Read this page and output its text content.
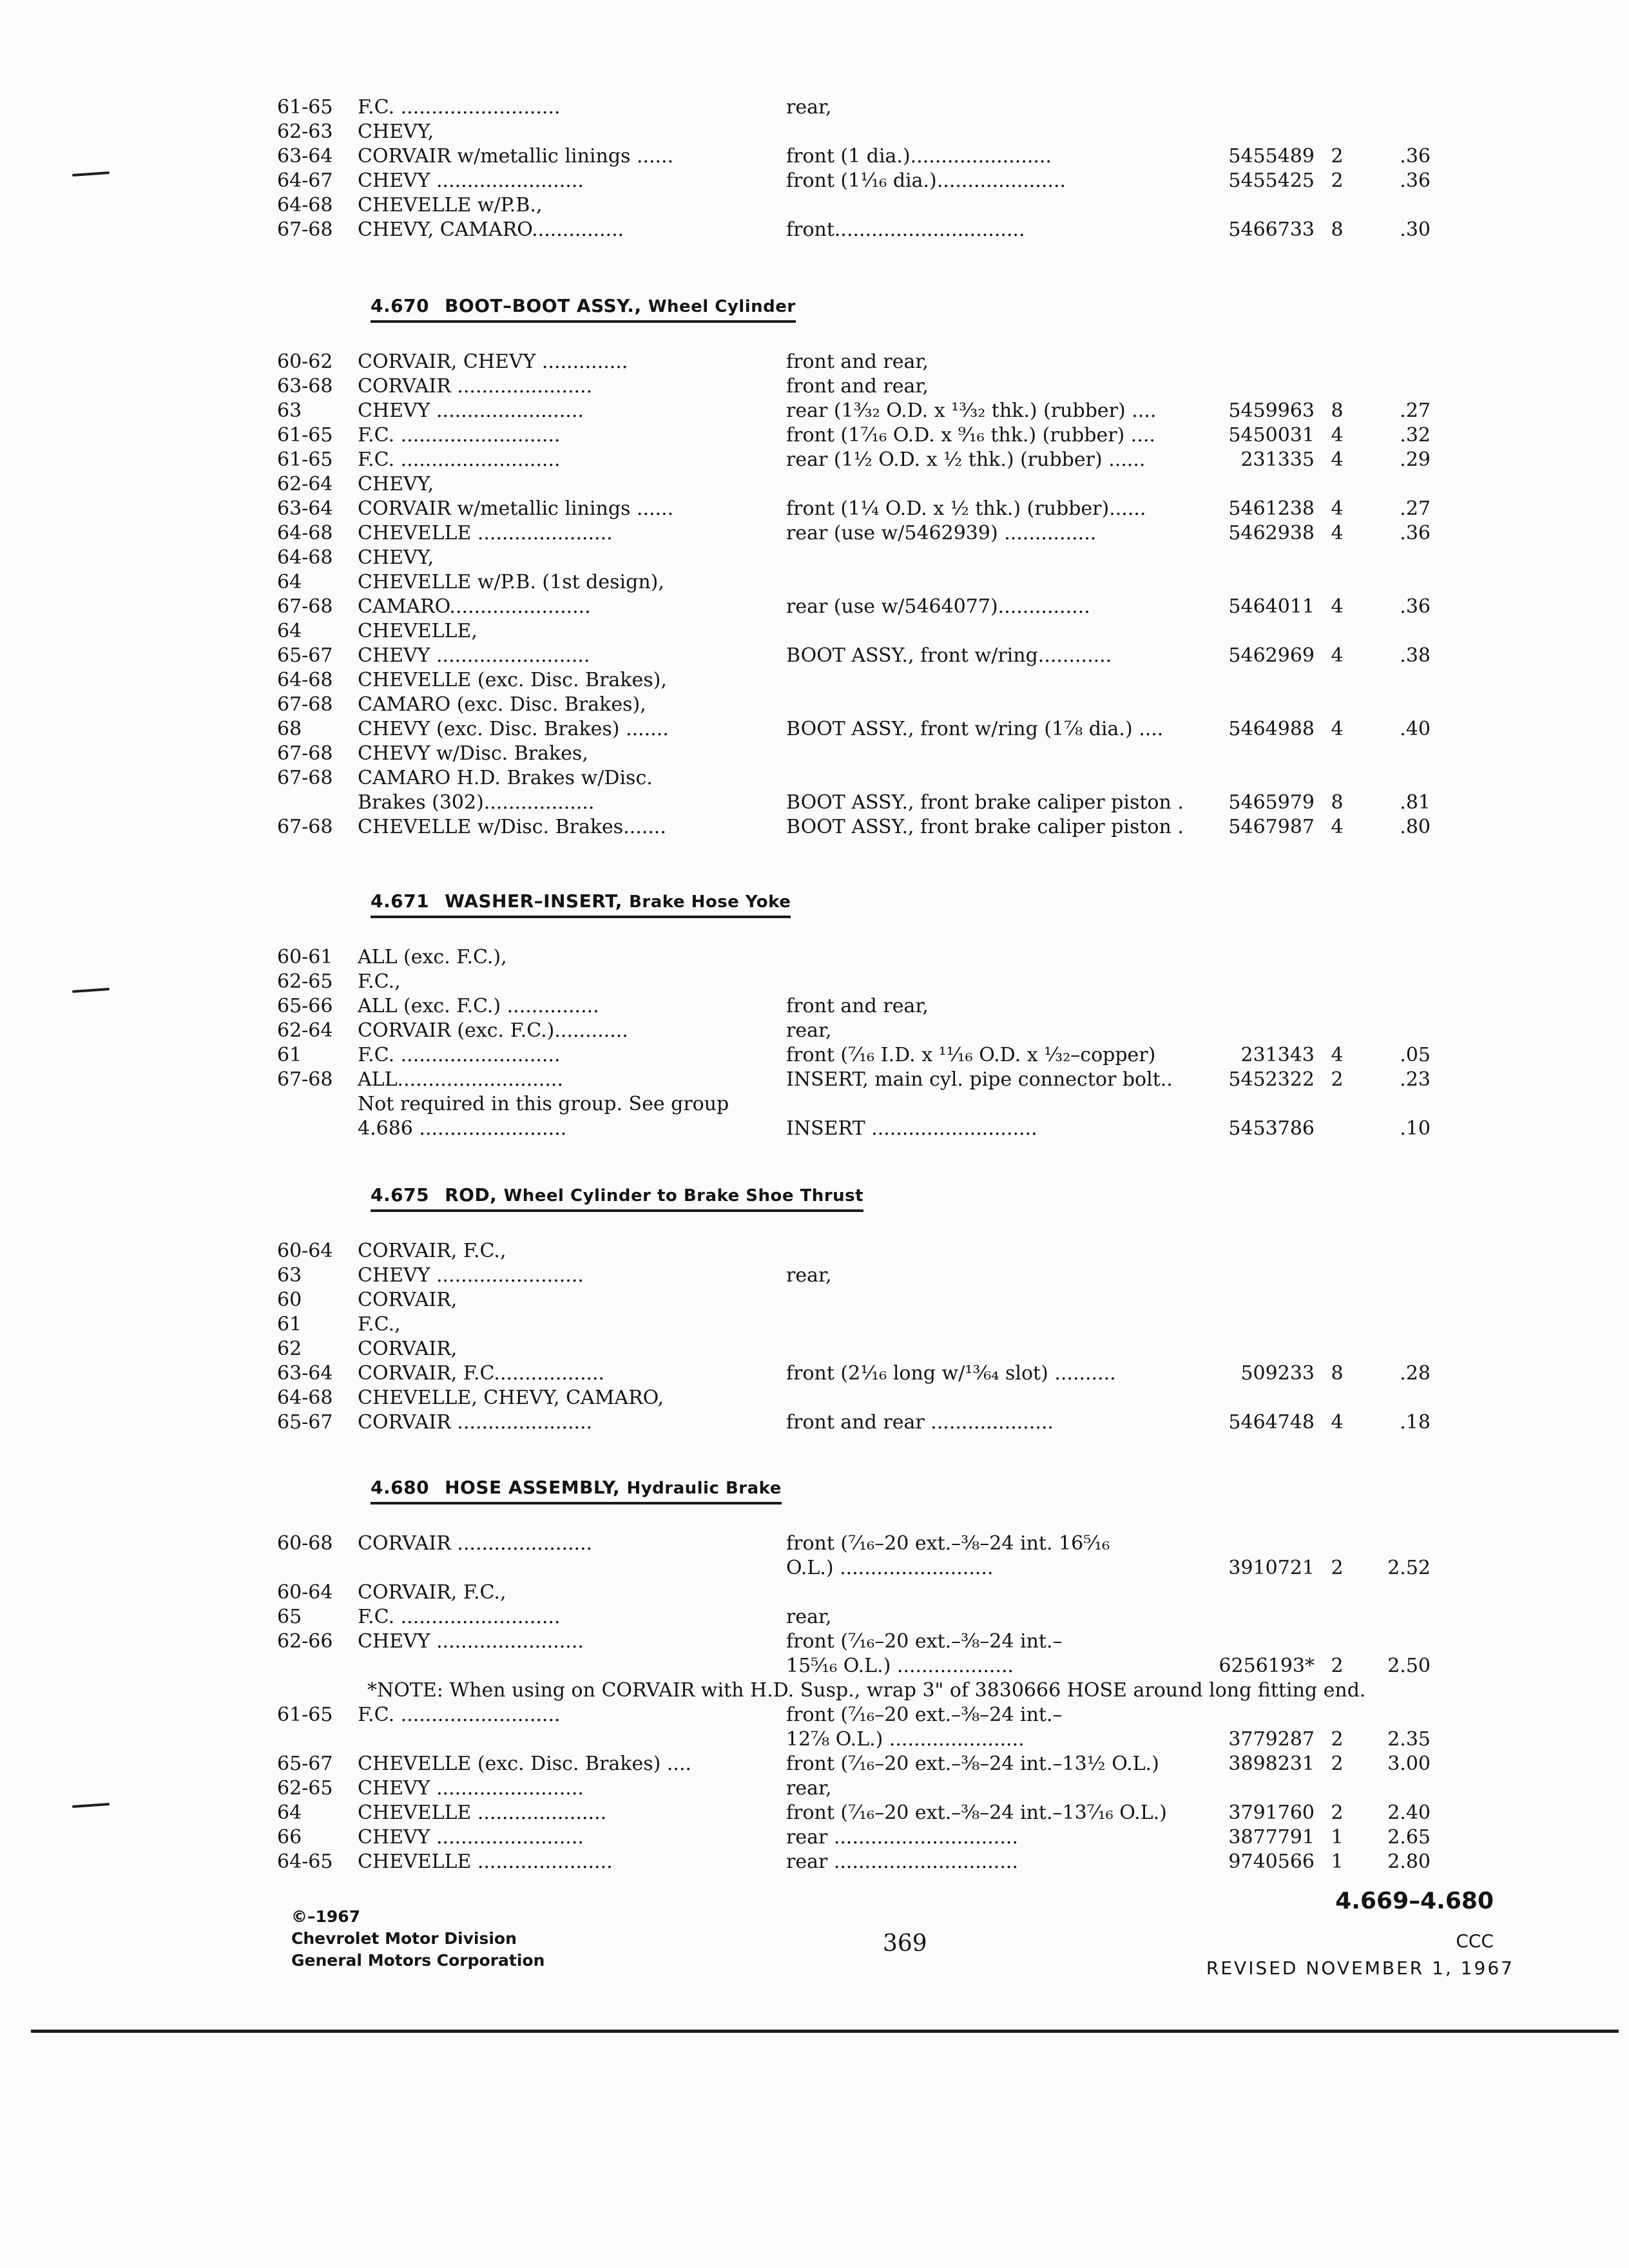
61-65 F.C. ..........................	rear,
62-63 CHEVY,
63-64 CORVAIR w/metallic linings ......	front (1 dia.).......................	5455489 2	.36
64-67 CHEVY ........................	front (1¹⁄₁₆ dia.).....................	5455425 2	.36
64-68 CHEVELLE w/P.B.,
67-68 CHEVY, CAMARO...............	front...............................	5466733 8	.30
4.670 BOOT–BOOT ASSY., Wheel Cylinder
60-62 CORVAIR, CHEVY ..............	front and rear,
63-68 CORVAIR ......................	front and rear,
63	CHEVY ........................	rear (1³⁄₃₂ O.D. x ¹³⁄₃₂ thk.) (rubber) ....	5459963 8	.27
61-65 F.C. ..........................	front (1⁷⁄₁₆ O.D. x ⁹⁄₁₆ thk.) (rubber) ....	5450031 4	.32
61-65 F.C. ..........................	rear (1½ O.D. x ½ thk.) (rubber) ......	231335 4	.29
62-64 CHEVY,
63-64 CORVAIR w/metallic linings ......	front (1¼ O.D. x ½ thk.) (rubber)......	5461238 4	.27
64-68 CHEVELLE ......................	rear (use w/5462939) ...............	5462938 4	.36
64-68 CHEVY,
64	CHEVELLE w/P.B. (1st design),
67-68 CAMARO.......................	rear (use w/5464077)...............	5464011 4	.36
64	CHEVELLE,
65-67 CHEVY .........................	BOOT ASSY., front w/ring............	5462969 4	.38
64-68 CHEVELLE (exc. Disc. Brakes),
67-68 CAMARO (exc. Disc. Brakes),
68	CHEVY (exc. Disc. Brakes) .......	BOOT ASSY., front w/ring (1⅞ dia.) ....	5464988 4	.40
67-68 CHEVY w/Disc. Brakes,
67-68 CAMARO H.D. Brakes w/Disc.
Brakes (302)..................	BOOT ASSY., front brake caliper piston .	5465979 8	.81
67-68 CHEVELLE w/Disc. Brakes.......	BOOT ASSY., front brake caliper piston .	5467987 4	.80
4.671 WASHER–INSERT, Brake Hose Yoke
60-61 ALL (exc. F.C.),
62-65 F.C.,
65-66 ALL (exc. F.C.) ...............	front and rear,
62-64 CORVAIR (exc. F.C.)............	rear,
61	F.C. ..........................	front (⁷⁄₁₆ I.D. x ¹¹⁄₁₆ O.D. x ¹⁄₃₂–copper)	231343 4	.05
67-68 ALL...........................	INSERT, main cyl. pipe connector bolt..	5452322 2	.23
Not required in this group. See group
4.686 ........................	INSERT ...........................	5453786	.10
4.675 ROD, Wheel Cylinder to Brake Shoe Thrust
60-64 CORVAIR, F.C.,
63	CHEVY ........................	rear,
60	CORVAIR,
61	F.C.,
62	CORVAIR,
63-64 CORVAIR, F.C..................	front (2¹⁄₁₆ long w/¹³⁄₆₄ slot) ..........	509233 8	.28
64-68 CHEVELLE, CHEVY, CAMARO,
65-67 CORVAIR ......................	front and rear ....................	5464748 4	.18
4.680 HOSE ASSEMBLY, Hydraulic Brake
60-68 CORVAIR ......................	front (⁷⁄₁₆–20 ext.–⅜–24 int. 16⁵⁄₁₆
O.L.) .........................	3910721 2	2.52
60-64 CORVAIR, F.C.,
65	F.C. ..........................	rear,
62-66 CHEVY ........................	front (⁷⁄₁₆–20 ext.–⅜–24 int.–
15⁵⁄₁₆ O.L.) ...................	6256193* 2	2.50
*NOTE: When using on CORVAIR with H.D. Susp., wrap 3" of 3830666 HOSE around long fitting end.
61-65 F.C. ..........................	front (⁷⁄₁₆–20 ext.–⅜–24 int.–
12⅞ O.L.) ......................	3779287 2	2.35
65-67 CHEVELLE (exc. Disc. Brakes) ....	front (⁷⁄₁₆–20 ext.–⅜–24 int.–13½ O.L.)	3898231 2	3.00
62-65 CHEVY ........................	rear,
64	CHEVELLE .....................	front (⁷⁄₁₆–20 ext.–⅜–24 int.–13⁷⁄₁₆ O.L.)	3791760 2	2.40
66	CHEVY ........................	rear ..............................	3877791 1	2.65
64-65 CHEVELLE ......................	rear ..............................	9740566 1	2.80
©–1967
Chevrolet Motor Division
General Motors Corporation
369
4.669–4.680
CCC
REVISED NOVEMBER 1, 1967
